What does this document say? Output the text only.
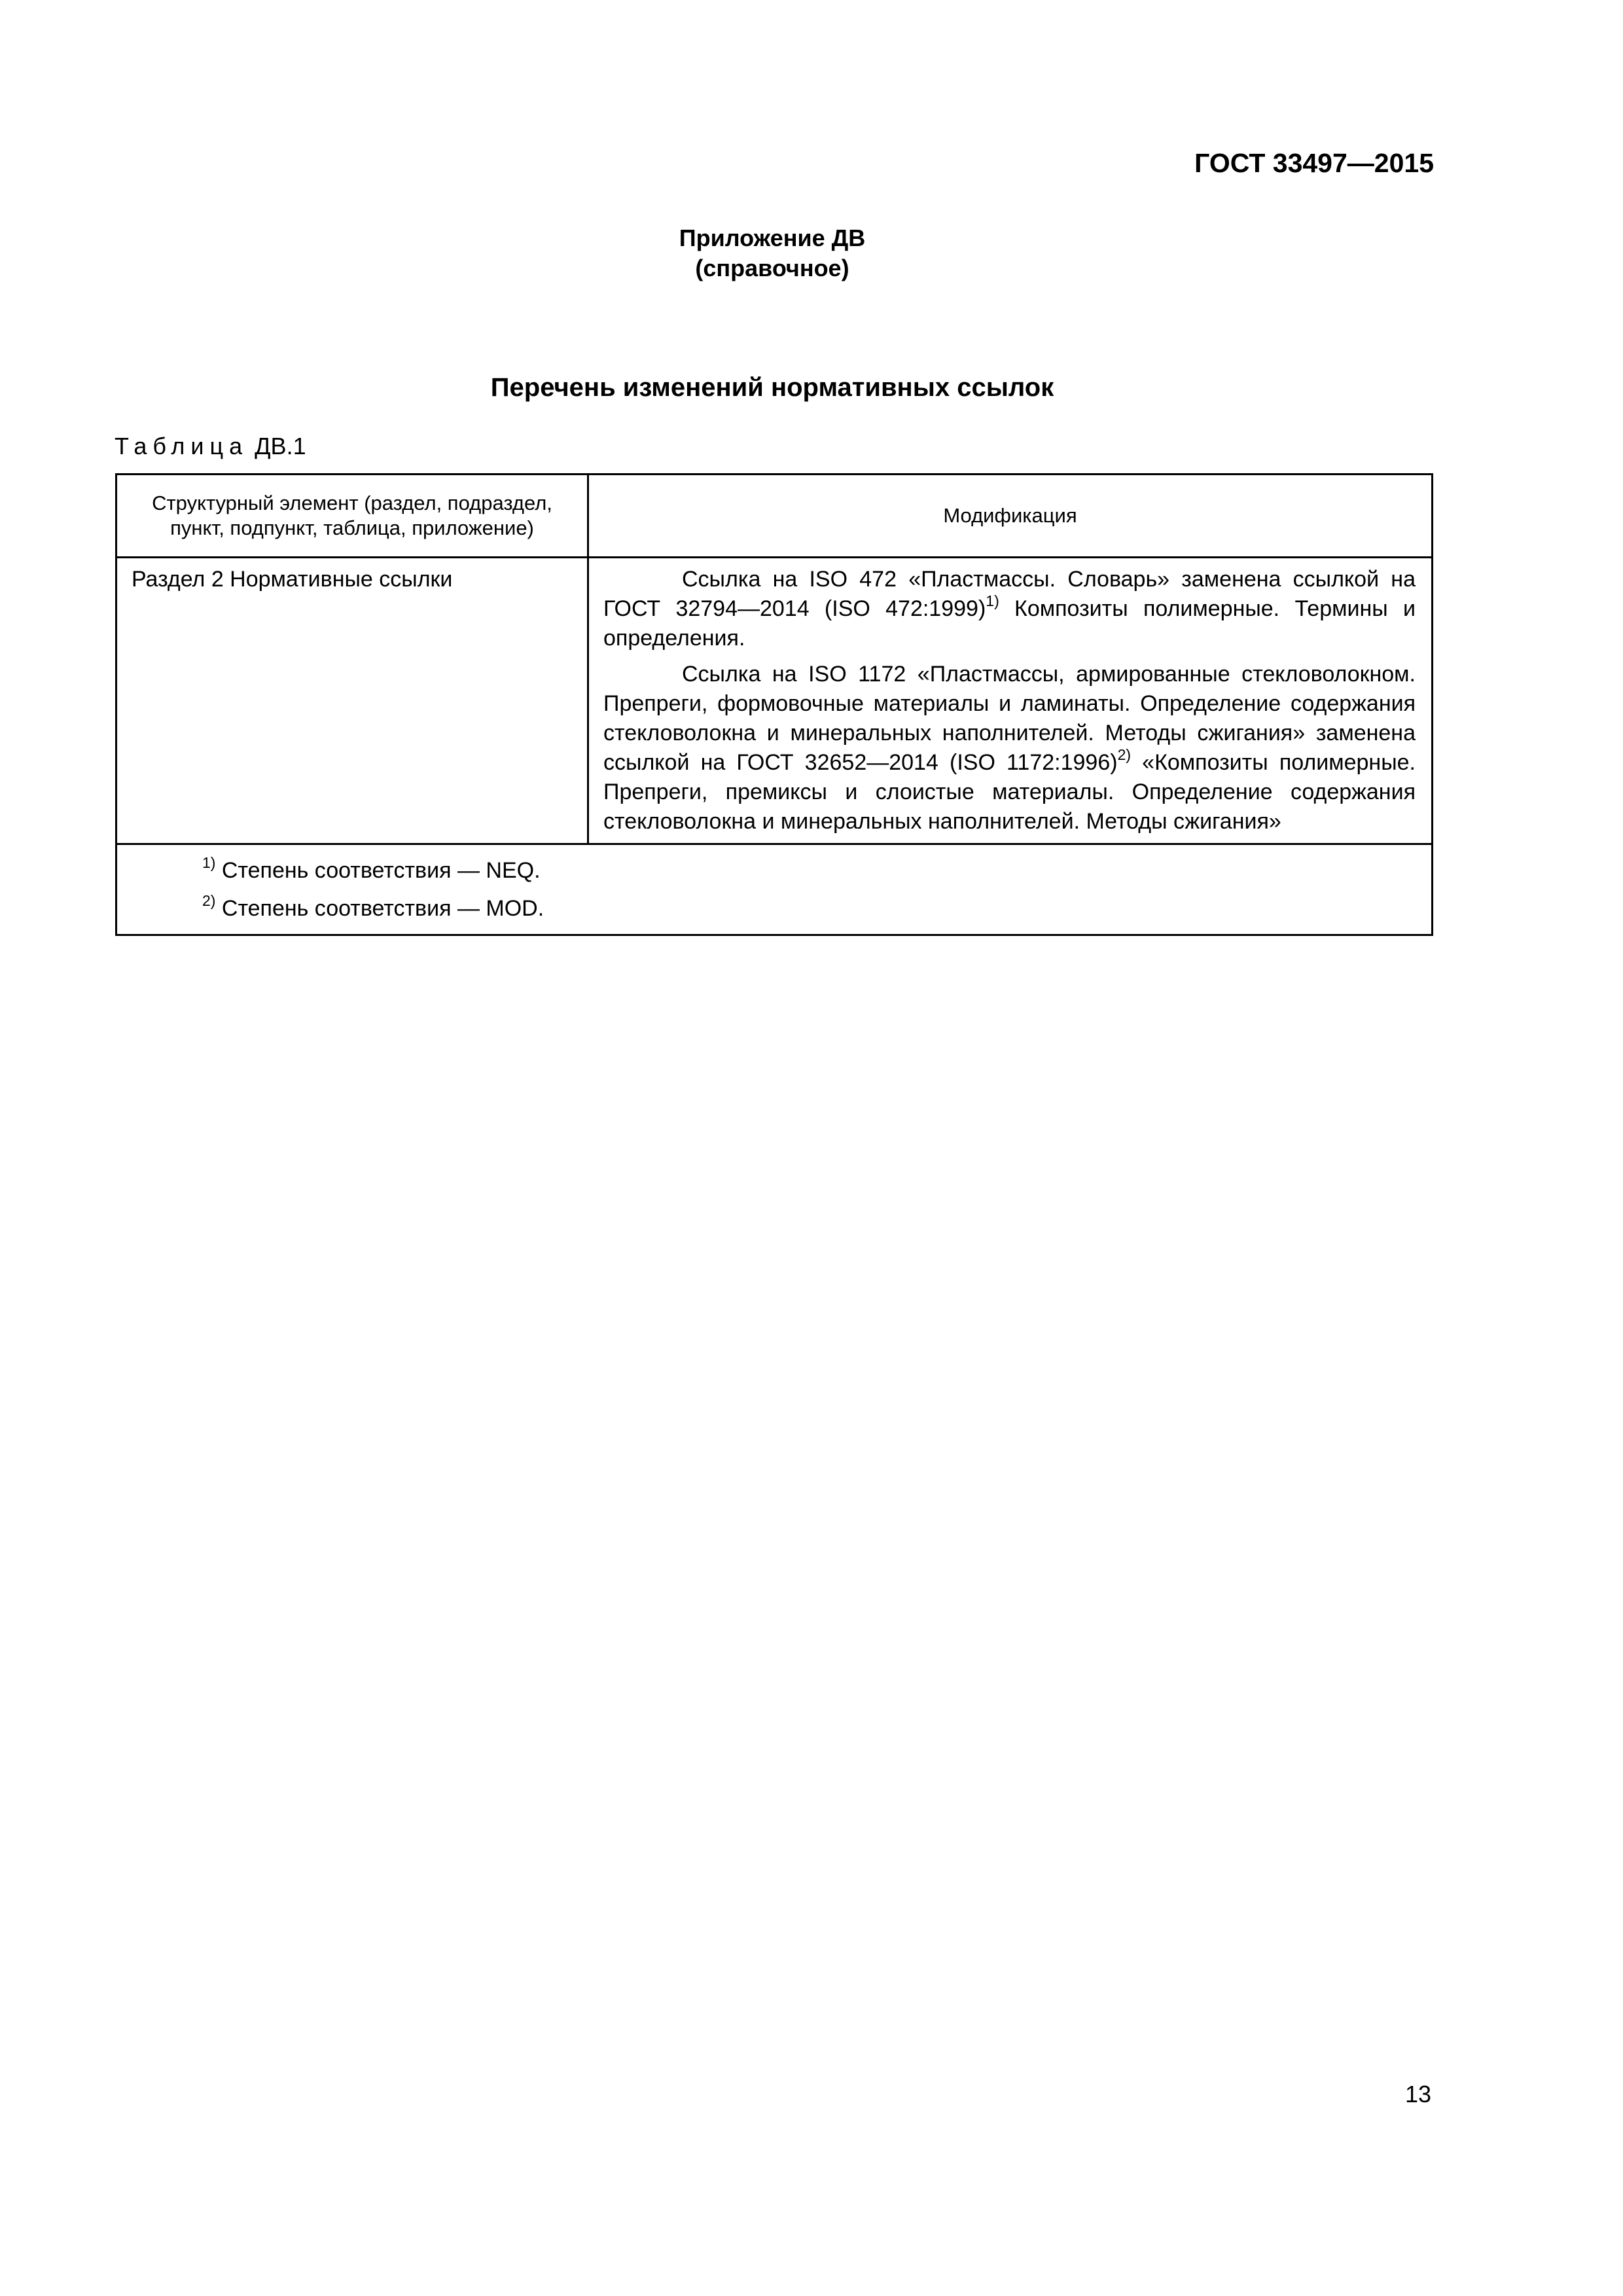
ГОСТ 33497—2015
Приложение ДВ
(справочное)
Перечень изменений нормативных ссылок
Таблица ДВ.1
Структурный элемент (раздел, подраздел, пункт, подпункт, таблица, приложение)	Модификация
Раздел 2 Нормативные ссылки	Ссылка на ISO 472 «Пластмассы. Словарь» заменена ссылкой на ГОСТ 32794—2014 (ISO 472:1999)$^{1)}$ Композиты полимерные. Термины и определения.

Ссылка на ISO 1172 «Пластмассы, армированные стекловолокном. Препреги, формовочные материалы и ламинаты. Определение содержания стекловолокна и минеральных наполнителей. Методы сжигания» заменена ссылкой на ГОСТ 32652—2014 (ISO 1172:1996)$^{2)}$ «Композиты полимерные. Препреги, премиксы и слоистые материалы. Определение содержания стекловолокна и минеральных наполнителей. Методы сжигания»

$^{1)}$ Степень соответствия — NEQ.
$^{2)}$ Степень соответствия — MOD.	
13
